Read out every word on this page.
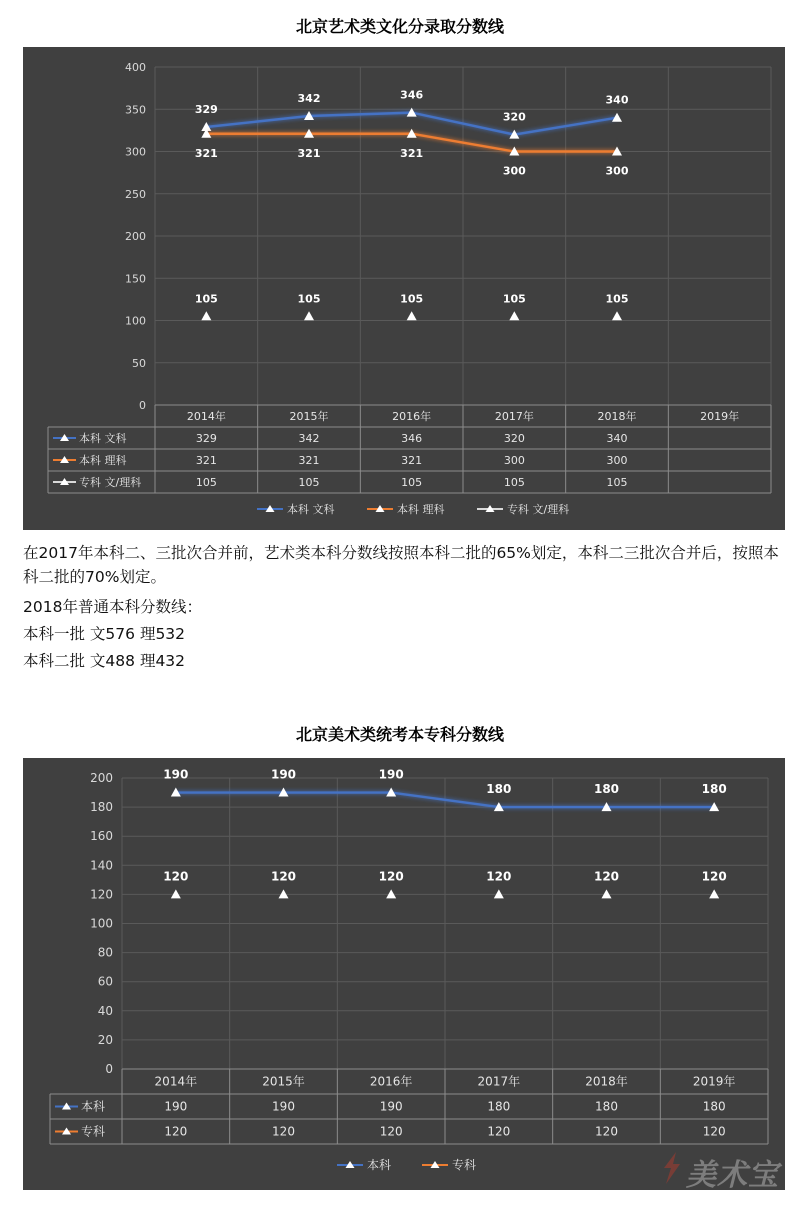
北京艺术类文化分录取分数线
0
50
100
150
200
250
300
350
400
2014年	2015年	2016年	2017年	2018年	2019年
本科 文科	329	342	346	320	340
本科 理科	321	321	321	300	300
专科 文/理科	105	105	105	105	105
329
342	346
320
340
321	321	321
300	300
105	105	105	105	105
本科 文科	本科 理科	专科 文/理科
在2017年本科二、三批次合并前，艺术类本科分数线按照本科二批的65%划定，本科二三批次合并后，按照本科二批的70%划定。
2018年普通本科分数线：
本科一批 文576 理532
本科二批 文488 理432
北京美术类统考本专科分数线
0
20
40
60
80
100
120
140
160
180
200
2014年	2015年	2016年	2017年	2018年	2019年
本科	190	190	190	180	180	180
专科	120	120	120	120	120	120
190	190	190
180	180	180
120	120	120	120	120	120
本科	专科	美术宝
